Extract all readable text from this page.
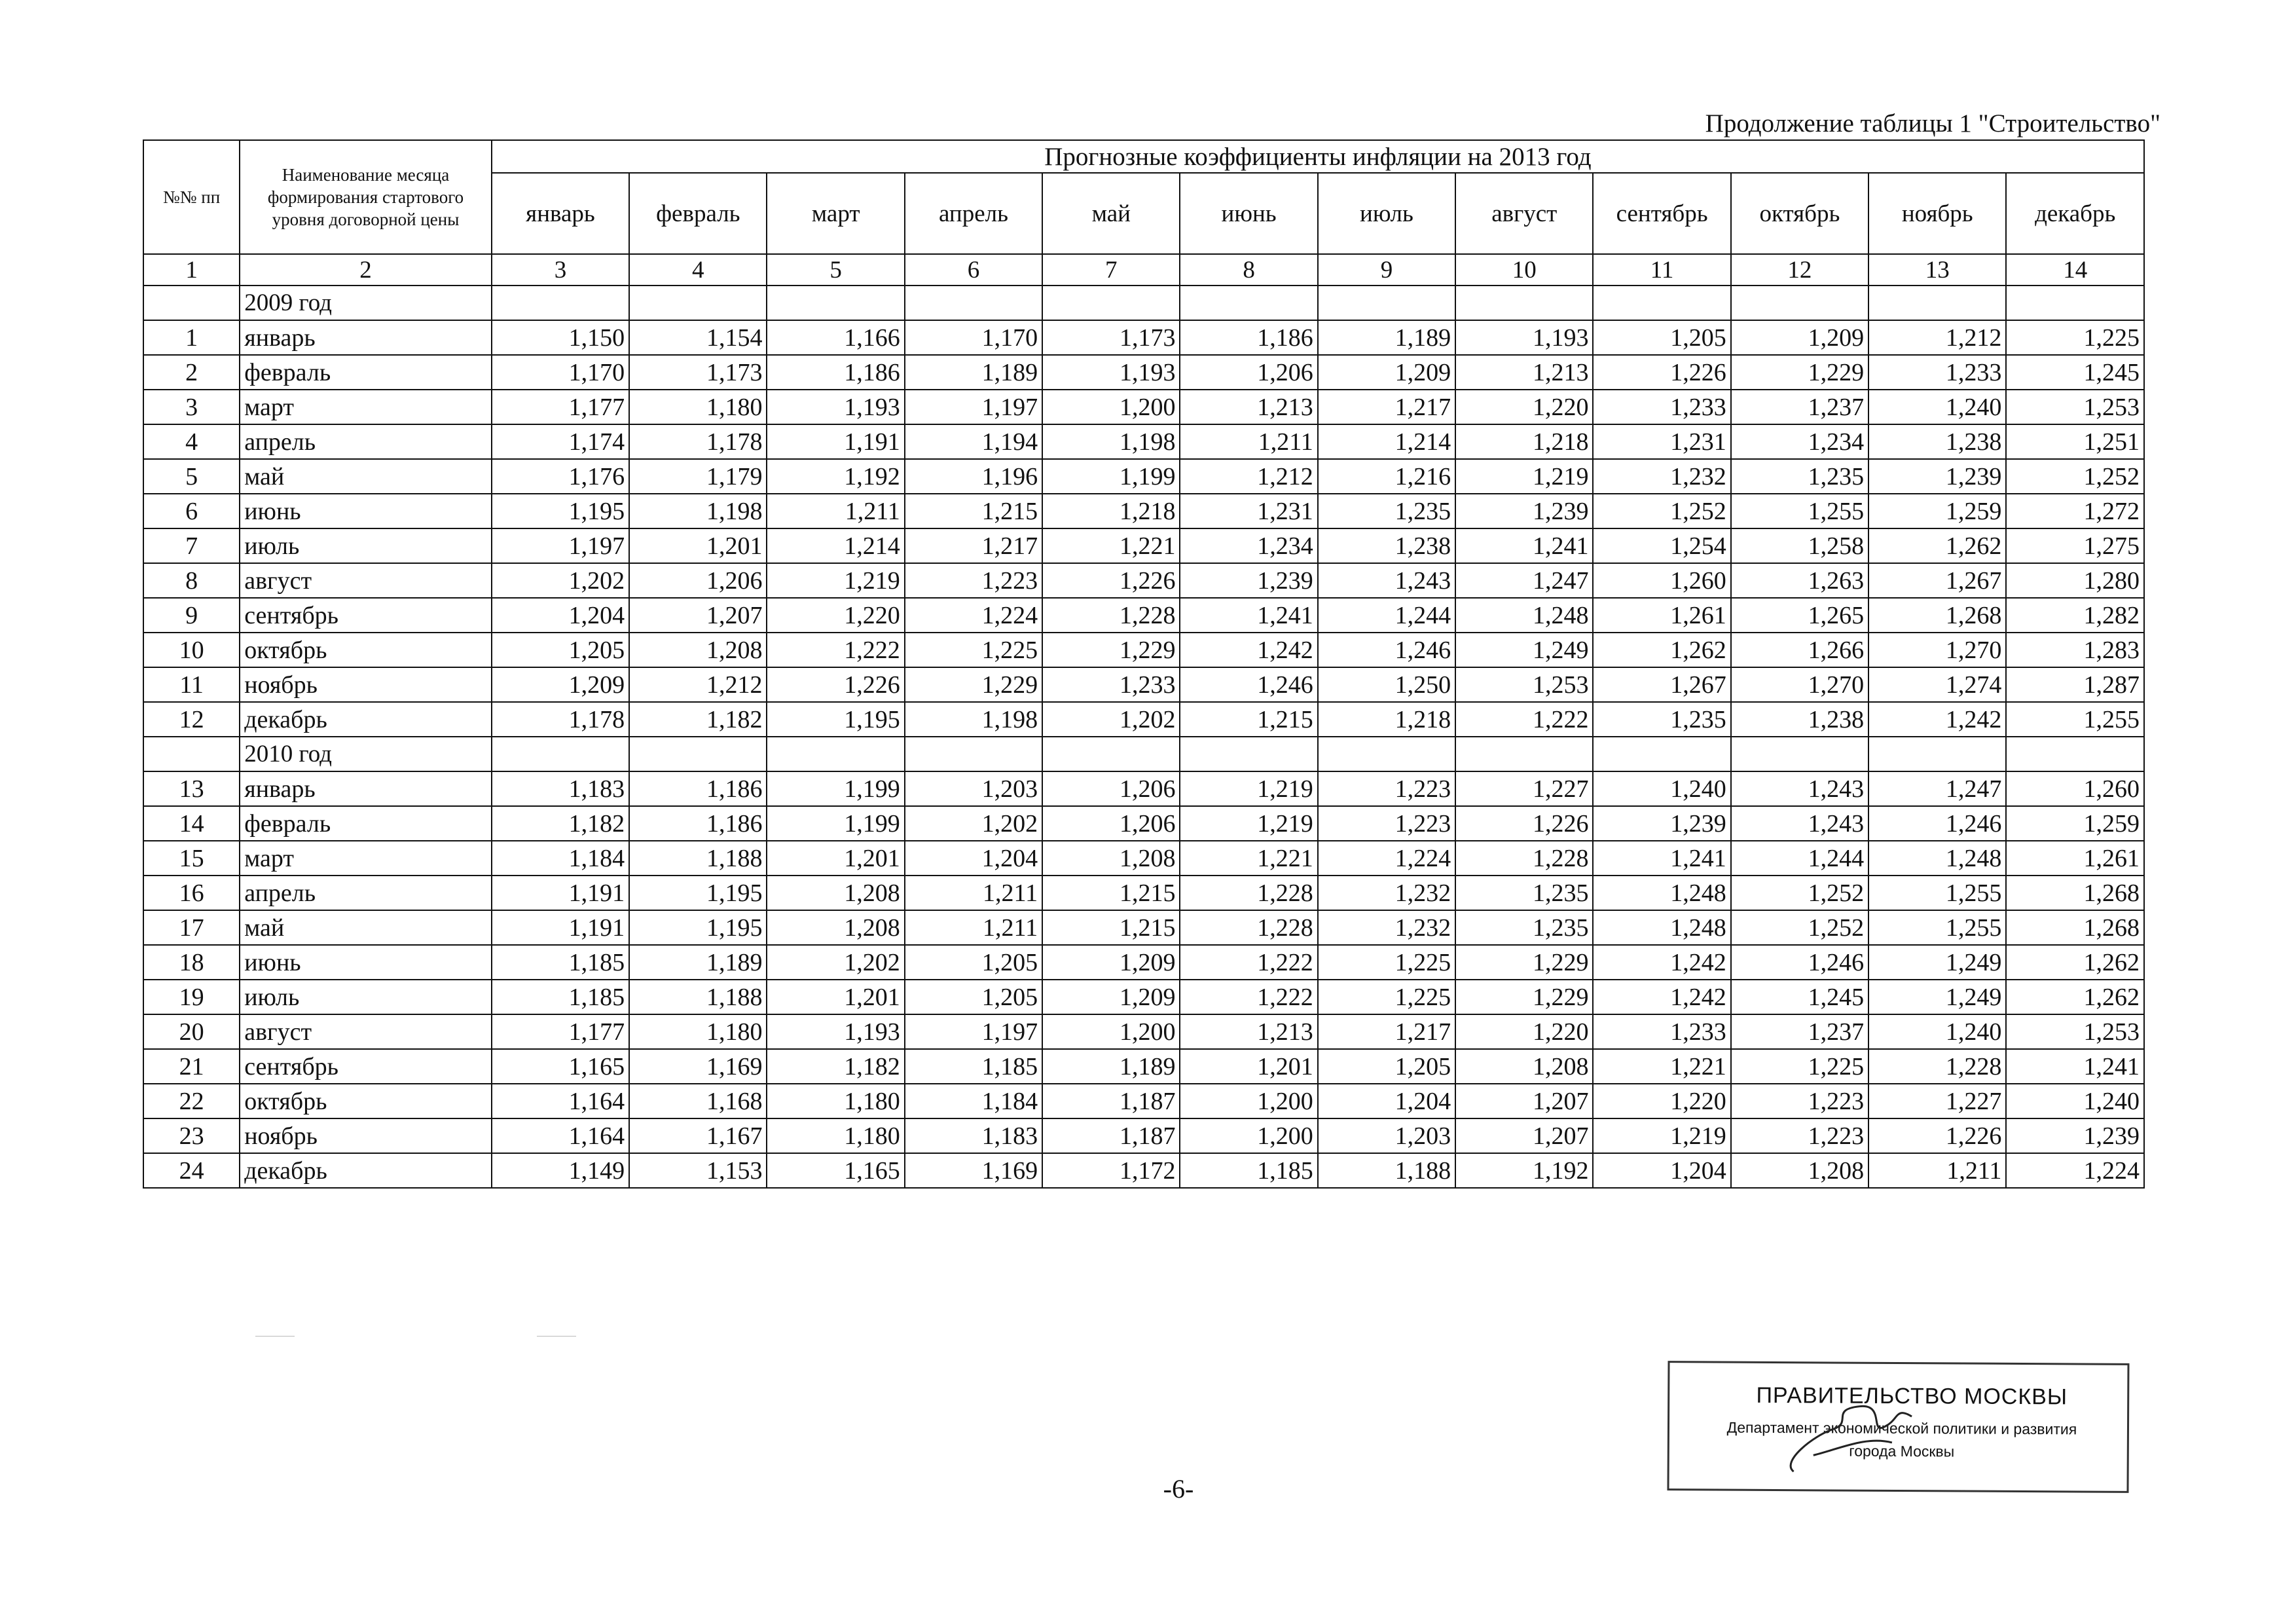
Продолжение таблицы 1 "Строительство"
№№ пп	Наименование месяца формирования стартового уровня договорной цены	Прогнозные коэффициенты инфляции на 2013 год											
		январь	февраль	март	апрель	май	июнь	июль	август	сентябрь	октябрь	ноябрь	декабрь
1	2	3	4	5	6	7	8	9	10	11	12	13	14
	2009 год												
1	январь	1,150	1,154	1,166	1,170	1,173	1,186	1,189	1,193	1,205	1,209	1,212	1,225
2	февраль	1,170	1,173	1,186	1,189	1,193	1,206	1,209	1,213	1,226	1,229	1,233	1,245
3	март	1,177	1,180	1,193	1,197	1,200	1,213	1,217	1,220	1,233	1,237	1,240	1,253
4	апрель	1,174	1,178	1,191	1,194	1,198	1,211	1,214	1,218	1,231	1,234	1,238	1,251
5	май	1,176	1,179	1,192	1,196	1,199	1,212	1,216	1,219	1,232	1,235	1,239	1,252
6	июнь	1,195	1,198	1,211	1,215	1,218	1,231	1,235	1,239	1,252	1,255	1,259	1,272
7	июль	1,197	1,201	1,214	1,217	1,221	1,234	1,238	1,241	1,254	1,258	1,262	1,275
8	август	1,202	1,206	1,219	1,223	1,226	1,239	1,243	1,247	1,260	1,263	1,267	1,280
9	сентябрь	1,204	1,207	1,220	1,224	1,228	1,241	1,244	1,248	1,261	1,265	1,268	1,282
10	октябрь	1,205	1,208	1,222	1,225	1,229	1,242	1,246	1,249	1,262	1,266	1,270	1,283
11	ноябрь	1,209	1,212	1,226	1,229	1,233	1,246	1,250	1,253	1,267	1,270	1,274	1,287
12	декабрь	1,178	1,182	1,195	1,198	1,202	1,215	1,218	1,222	1,235	1,238	1,242	1,255
	2010 год												
13	январь	1,183	1,186	1,199	1,203	1,206	1,219	1,223	1,227	1,240	1,243	1,247	1,260
14	февраль	1,182	1,186	1,199	1,202	1,206	1,219	1,223	1,226	1,239	1,243	1,246	1,259
15	март	1,184	1,188	1,201	1,204	1,208	1,221	1,224	1,228	1,241	1,244	1,248	1,261
16	апрель	1,191	1,195	1,208	1,211	1,215	1,228	1,232	1,235	1,248	1,252	1,255	1,268
17	май	1,191	1,195	1,208	1,211	1,215	1,228	1,232	1,235	1,248	1,252	1,255	1,268
18	июнь	1,185	1,189	1,202	1,205	1,209	1,222	1,225	1,229	1,242	1,246	1,249	1,262
19	июль	1,185	1,188	1,201	1,205	1,209	1,222	1,225	1,229	1,242	1,245	1,249	1,262
20	август	1,177	1,180	1,193	1,197	1,200	1,213	1,217	1,220	1,233	1,237	1,240	1,253
21	сентябрь	1,165	1,169	1,182	1,185	1,189	1,201	1,205	1,208	1,221	1,225	1,228	1,241
22	октябрь	1,164	1,168	1,180	1,184	1,187	1,200	1,204	1,207	1,220	1,223	1,227	1,240
23	ноябрь	1,164	1,167	1,180	1,183	1,187	1,200	1,203	1,207	1,219	1,223	1,226	1,239
24	декабрь	1,149	1,153	1,165	1,169	1,172	1,185	1,188	1,192	1,204	1,208	1,211	1,224
-6-
ПРАВИТЕЛЬСТВО МОСКВЫ
Департамент экономической политики и развития
города Москвы
